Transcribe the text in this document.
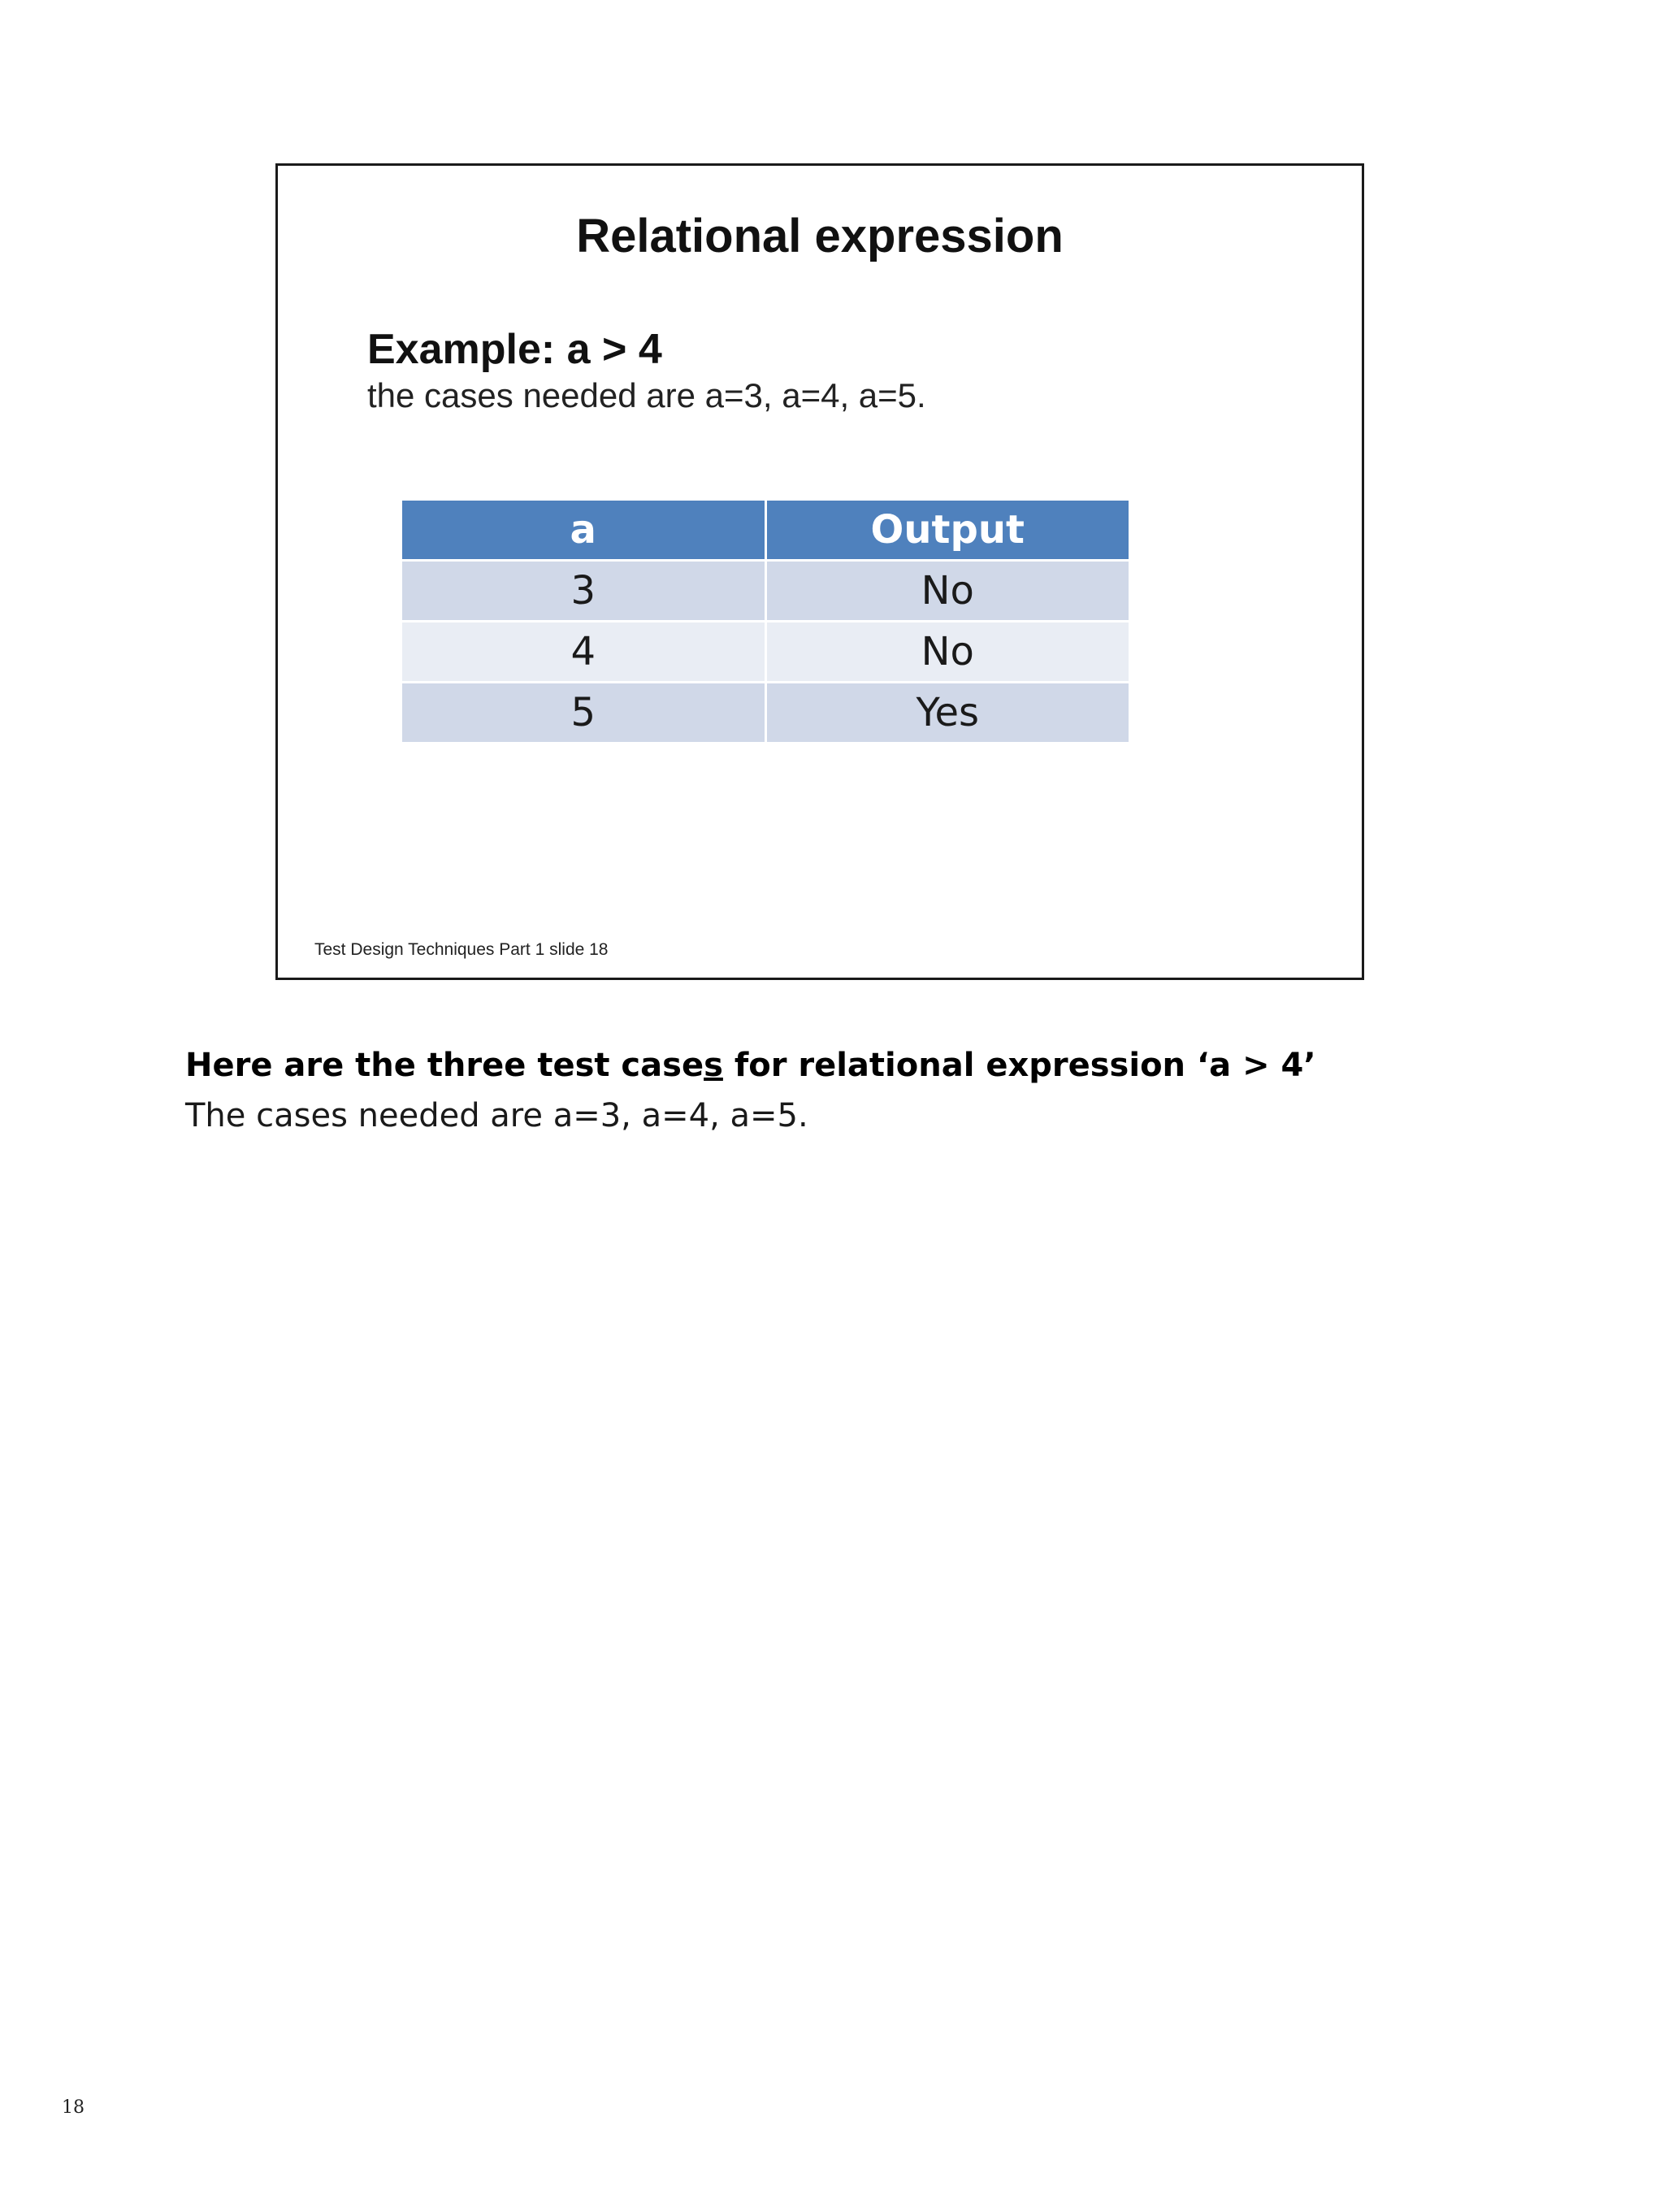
Relational expression
Example: a > 4
the cases needed are a=3, a=4, a=5.
a	Output
3	No
4	No
5	Yes
Test Design Techniques Part 1 slide 18
Here are the three test cases for relational expression ‘a > 4’
The cases needed are a=3, a=4, a=5.
18
